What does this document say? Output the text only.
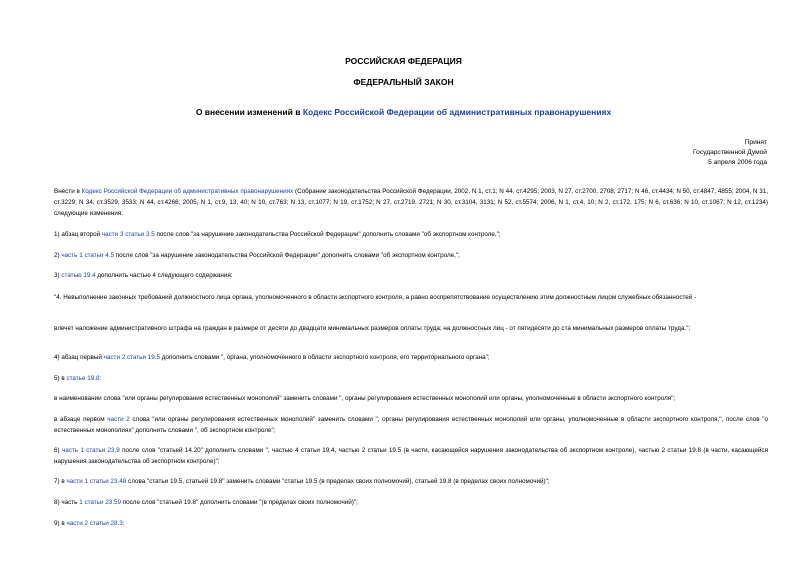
РОССИЙСКАЯ ФЕДЕРАЦИЯ
ФЕДЕРАЛЬНЫЙ ЗАКОН
О внесении изменений в Кодекс Российской Федерации об административных правонарушениях
Принят
Государственной Думой
5 апреля 2006 года
Внести в Кодекс Российской Федерации об административных правонарушениях (Собрание законодательства Российской Федерации, 2002, N 1, ст.1; N 44, ст.4295; 2003, N 27, ст.2700, 2708, 2717; N 46, ст.4434; N 50, ст.4847, 4855; 2004, N 31, ст.3229; N 34, ст.3529, 3533; N 44, ст.4266; 2005, N 1, ст.9, 13, 40; N 10, ст.763; N 13, ст.1077; N 19, ст.1752; N 27, ст.2719, 2721; N 30, ст.3104, 3131; N 52, ст.5574; 2006, N 1, ст.4, 10; N 2, ст.172, 175; N 6, ст.636; N 10, ст.1067; N 12, ст.1234) следующие изменения:
1) абзац второй части 3 статьи 3.5 после слов "за нарушение законодательства Российской Федерации" дополнить словами "об экспортном контроле,";
2) часть 1 статьи 4.5 после слов "за нарушение законодательства Российской Федерации" дополнить словами "об экспортном контроле,";
3) статью 19.4 дополнить частью 4 следующего содержания:
"4. Невыполнение законных требований должностного лица органа, уполномоченного в области экспортного контроля, а равно воспрепятствование осуществлению этим должностным лицом служебных обязанностей -
влечет наложение административного штрафа на граждан в размере от десяти до двадцати минимальных размеров оплаты труда; на должностных лиц - от пятидесяти до ста минимальных размеров оплаты труда.";
4) абзац первый части 2 статьи 19.5 дополнить словами ", органа, уполномоченного в области экспортного контроля, его территориального органа";
5) в статье 19.8:
в наименовании слова "или органы регулирования естественных монополий" заменить словами ", органы регулирования естественных монополий или органы, уполномоченные в области экспортного контроля";
в абзаце первом части 2 слова "или органы регулирования естественных монополий" заменить словами ", органы регулирования естественных монополий или органы, уполномоченные в области экспортного контроля,", после слов "о естественных монополиях" дополнить словами ", об экспортном контроле";
6) часть 1 статьи 23.9 после слов "статьей 14.20" дополнить словами ", частью 4 статьи 19.4, частью 2 статьи 19.5 (в части, касающейся нарушения законодательства об экспортном контроле), частью 2 статьи 19.8 (в части, касающейся нарушения законодательства об экспортном контроле)";
7) в части 1 статьи 23.48 слова "статьи 19.5, статьей 19.8" заменить словами "статьи 19.5 (в пределах своих полномочий), статьей 19.8 (в пределах своих полномочий)";
8) часть 1 статьи 23.59 после слов "статьей 19.8" дополнить словами "(в пределах своих полномочий)";
9) в части 2 статьи 28.3:
